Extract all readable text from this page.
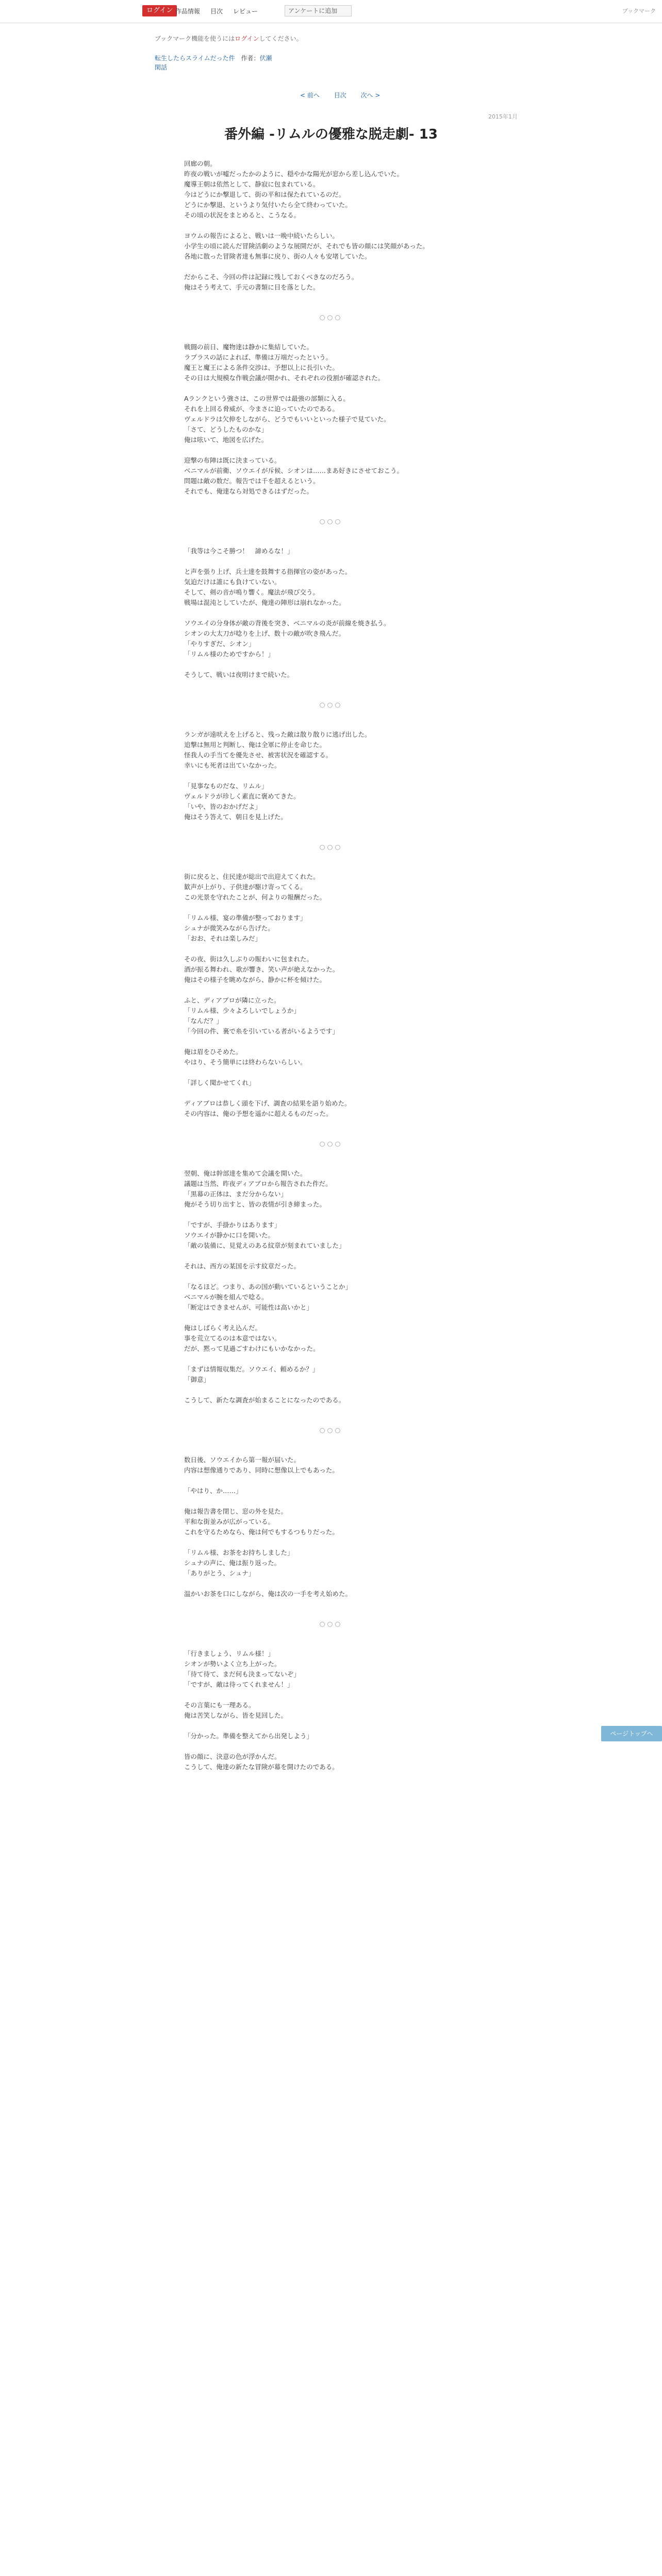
ログイン 作品情報 目次 レビュー	アンケートに追加	ブックマーク
ブックマーク機能を使うにはログインしてください。
転生したらスライムだった件 作者：伏瀬
閑話
< 前へ 目次 次へ >
2015年1月
番外編 -リムルの優雅な脱走劇- 13

回廊の朝。

昨夜の戦いが嘘だったかのように、穏やかな陽光が窓から差し込んでいた。

魔導王朝は依然として、静寂に包まれている。

今はどうにか撃退して、街の平和は保たれているのだ。

どうにか撃退、というより気付いたら全て終わっていた。

その頃の状況をまとめると、こうなる。

ヨウムの報告によると、戦いは一晩中続いたらしい。

小学生の頃に読んだ冒険活劇のような展開だが、それでも皆の顔には笑顔があった。

各地に散った冒険者達も無事に戻り、街の人々も安堵していた。

だからこそ、今回の件は記録に残しておくべきなのだろう。

俺はそう考えて、手元の書類に目を落とした。

○○○

戦闘の前日、魔物達は静かに集結していた。

ラプラスの話によれば、準備は万端だったという。

魔王と魔王による条件交渉は、予想以上に長引いた。

その日は大規模な作戦会議が開かれ、それぞれの役割が確認された。

Aランクという強さは、この世界では最強の部類に入る。

それを上回る脅威が、今まさに迫っていたのである。

ヴェルドラは欠伸をしながら、どうでもいいといった様子で見ていた。

「さて、どうしたものかな」

俺は呟いて、地図を広げた。

迎撃の布陣は既に決まっている。

ベニマルが前衛、ソウエイが斥候、シオンは……まあ好きにさせておこう。

問題は敵の数だ。報告では千を超えるという。

それでも、俺達なら対処できるはずだった。

○○○

「我等は今こそ勝つ！　諦めるな！」

と声を張り上げ、兵士達を鼓舞する指揮官の姿があった。

気迫だけは誰にも負けていない。

そして、剣の音が鳴り響く。魔法が飛び交う。

戦場は混沌としていたが、俺達の陣形は崩れなかった。

ソウエイの分身体が敵の背後を突き、ベニマルの炎が前線を焼き払う。

シオンの大太刀が唸りを上げ、数十の敵が吹き飛んだ。

「やりすぎだ、シオン」

「リムル様のためですから！」

そうして、戦いは夜明けまで続いた。

○○○

ランガが遠吠えを上げると、残った敵は散り散りに逃げ出した。

追撃は無用と判断し、俺は全軍に停止を命じた。

怪我人の手当てを優先させ、被害状況を確認する。

幸いにも死者は出ていなかった。

「見事なものだな、リムル」

ヴェルドラが珍しく素直に褒めてきた。

「いや、皆のおかげだよ」

俺はそう答えて、朝日を見上げた。

○○○

街に戻ると、住民達が総出で出迎えてくれた。

歓声が上がり、子供達が駆け寄ってくる。

この光景を守れたことが、何よりの報酬だった。

「リムル様、宴の準備が整っております」

シュナが微笑みながら告げた。

「おお、それは楽しみだ」

その夜、街は久しぶりの賑わいに包まれた。

酒が振る舞われ、歌が響き、笑い声が絶えなかった。

俺はその様子を眺めながら、静かに杯を傾けた。

ふと、ディアブロが隣に立った。

「リムル様、少々よろしいでしょうか」

「なんだ？」

「今回の件、裏で糸を引いている者がいるようです」

俺は眉をひそめた。

やはり、そう簡単には終わらないらしい。

「詳しく聞かせてくれ」

ディアブロは恭しく頭を下げ、調査の結果を語り始めた。

その内容は、俺の予想を遥かに超えるものだった。

○○○

翌朝、俺は幹部達を集めて会議を開いた。

議題は当然、昨夜ディアブロから報告された件だ。

「黒幕の正体は、まだ分からない」

俺がそう切り出すと、皆の表情が引き締まった。

「ですが、手掛かりはあります」

ソウエイが静かに口を開いた。

「敵の装備に、見覚えのある紋章が刻まれていました」

それは、西方の某国を示す紋章だった。

「なるほど。つまり、あの国が動いているということか」

ベニマルが腕を組んで唸る。

「断定はできませんが、可能性は高いかと」

俺はしばらく考え込んだ。

事を荒立てるのは本意ではない。

だが、黙って見過ごすわけにもいかなかった。

「まずは情報収集だ。ソウエイ、頼めるか？」

「御意」

こうして、新たな調査が始まることになったのである。

○○○

数日後、ソウエイから第一報が届いた。

内容は想像通りであり、同時に想像以上でもあった。

「やはり、か……」

俺は報告書を閉じ、窓の外を見た。

平和な街並みが広がっている。

これを守るためなら、俺は何でもするつもりだった。

「リムル様、お茶をお持ちしました」

シュナの声に、俺は振り返った。

「ありがとう、シュナ」

温かいお茶を口にしながら、俺は次の一手を考え始めた。

○○○

「行きましょう、リムル様！」

シオンが勢いよく立ち上がった。

「待て待て、まだ何も決まってないぞ」

「ですが、敵は待ってくれません！」

その言葉にも一理ある。

俺は苦笑しながら、皆を見回した。

「分かった。準備を整えてから出発しよう」

皆の顔に、決意の色が浮かんだ。

こうして、俺達の新たな冒険が幕を開けたのである。

ページトップへ
